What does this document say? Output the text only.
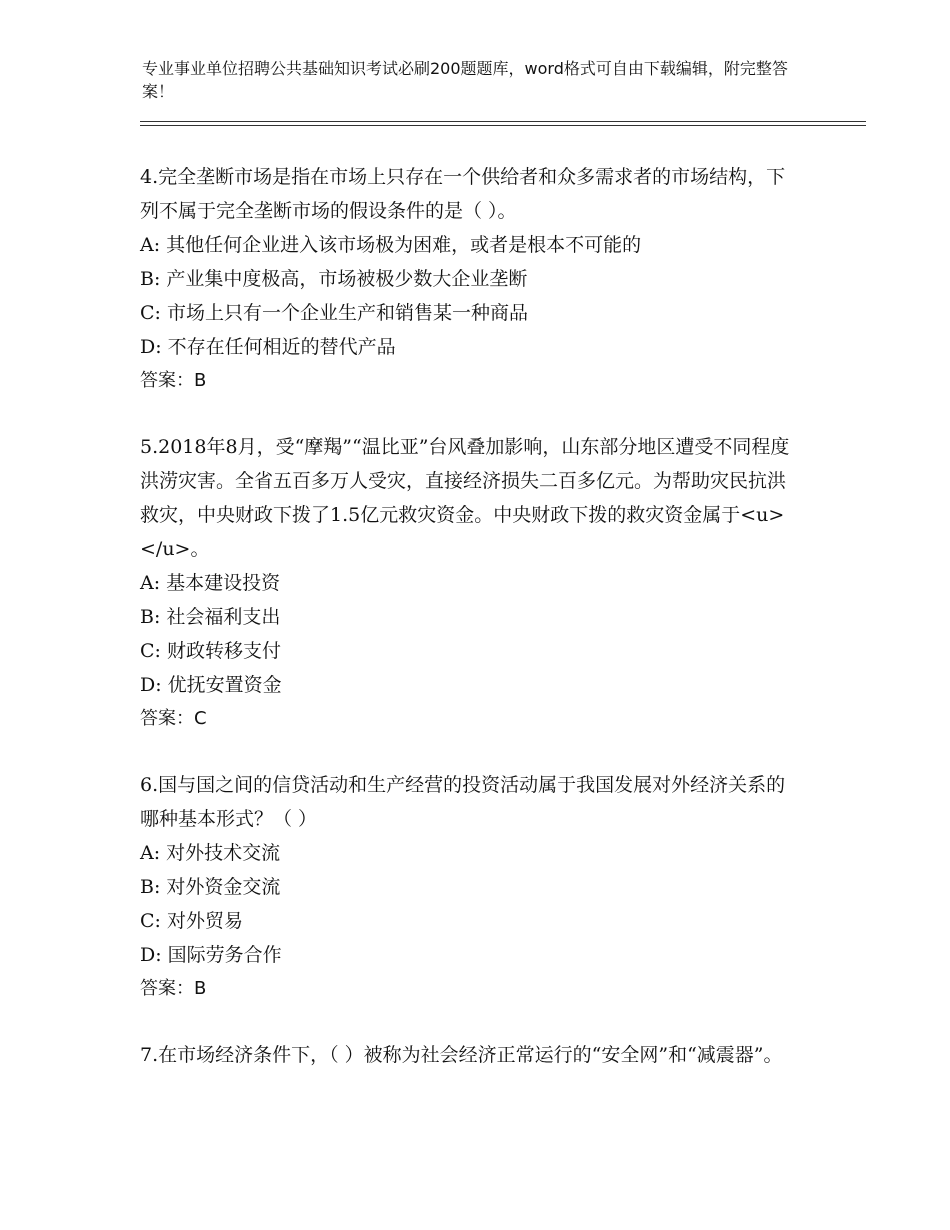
专业事业单位招聘公共基础知识考试必刷200题题库，word格式可自由下载编辑，附完整答案！

4.完全垄断市场是指在市场上只存在一个供给者和众多需求者的市场结构，下列不属于完全垄断市场的假设条件的是（ ）。

A: 其他任何企业进入该市场极为困难，或者是根本不可能的

B: 产业集中度极高，市场被极少数大企业垄断

C: 市场上只有一个企业生产和销售某一种商品

D: 不存在任何相近的替代产品

答案：B

5.2018年8月，受“摩羯”“温比亚”台风叠加影响，山东部分地区遭受不同程度洪涝灾害。全省五百多万人受灾，直接经济损失二百多亿元。为帮助灾民抗洪救灾，中央财政下拨了1.5亿元救灾资金。中央财政下拨的救灾资金属于<u> </u>。

A: 基本建设投资

B: 社会福利支出

C: 财政转移支付

D: 优抚安置资金

答案：C

6.国与国之间的信贷活动和生产经营的投资活动属于我国发展对外经济关系的哪种基本形式？（ ）

A: 对外技术交流

B: 对外资金交流

C: 对外贸易

D: 国际劳务合作

答案：B

7.在市场经济条件下，（ ）被称为社会经济正常运行的“安全网”和“减震器”。
